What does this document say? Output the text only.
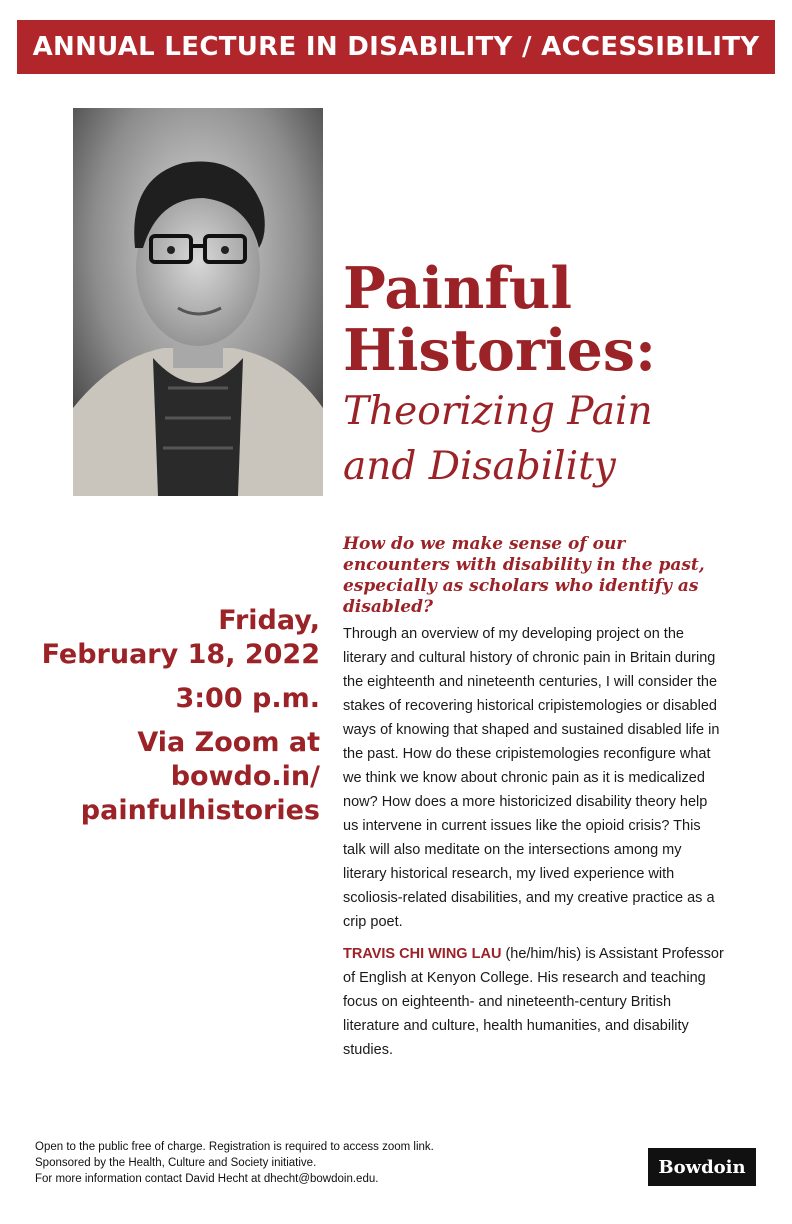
ANNUAL LECTURE IN DISABILITY / ACCESSIBILITY
Painful
Histories:
Theorizing Pain
and Disability
Friday,
February 18, 2022
3:00 p.m.
Via Zoom at
bowdo.in/
painfulhistories

How do we make sense of our encounters with disability in the past, especially as scholars who identify as disabled?

Through an overview of my developing project on the literary and cultural history of chronic pain in Britain during the eighteenth and nineteenth centuries, I will consider the stakes of recovering historical cripistemologies or disabled ways of knowing that shaped and sustained disabled life in the past. How do these cripistemologies reconfigure what we think we know about chronic pain as it is medicalized now? How does a more historicized disability theory help us intervene in current issues like the opioid crisis? This talk will also meditate on the intersections among my literary historical research, my lived experience with scoliosis-related disabilities, and my creative practice as a crip poet.

TRAVIS CHI WING LAU (he/him/his) is Assistant Professor of English at Kenyon College. His research and teaching focus on eighteenth- and nineteenth-century British literature and culture, health humanities, and disability studies.

Open to the public free of charge. Registration is required to access zoom link.
Sponsored by the Health, Culture and Society initiative.
For more information contact David Hecht at dhecht@bowdoin.edu.
Bowdoin
